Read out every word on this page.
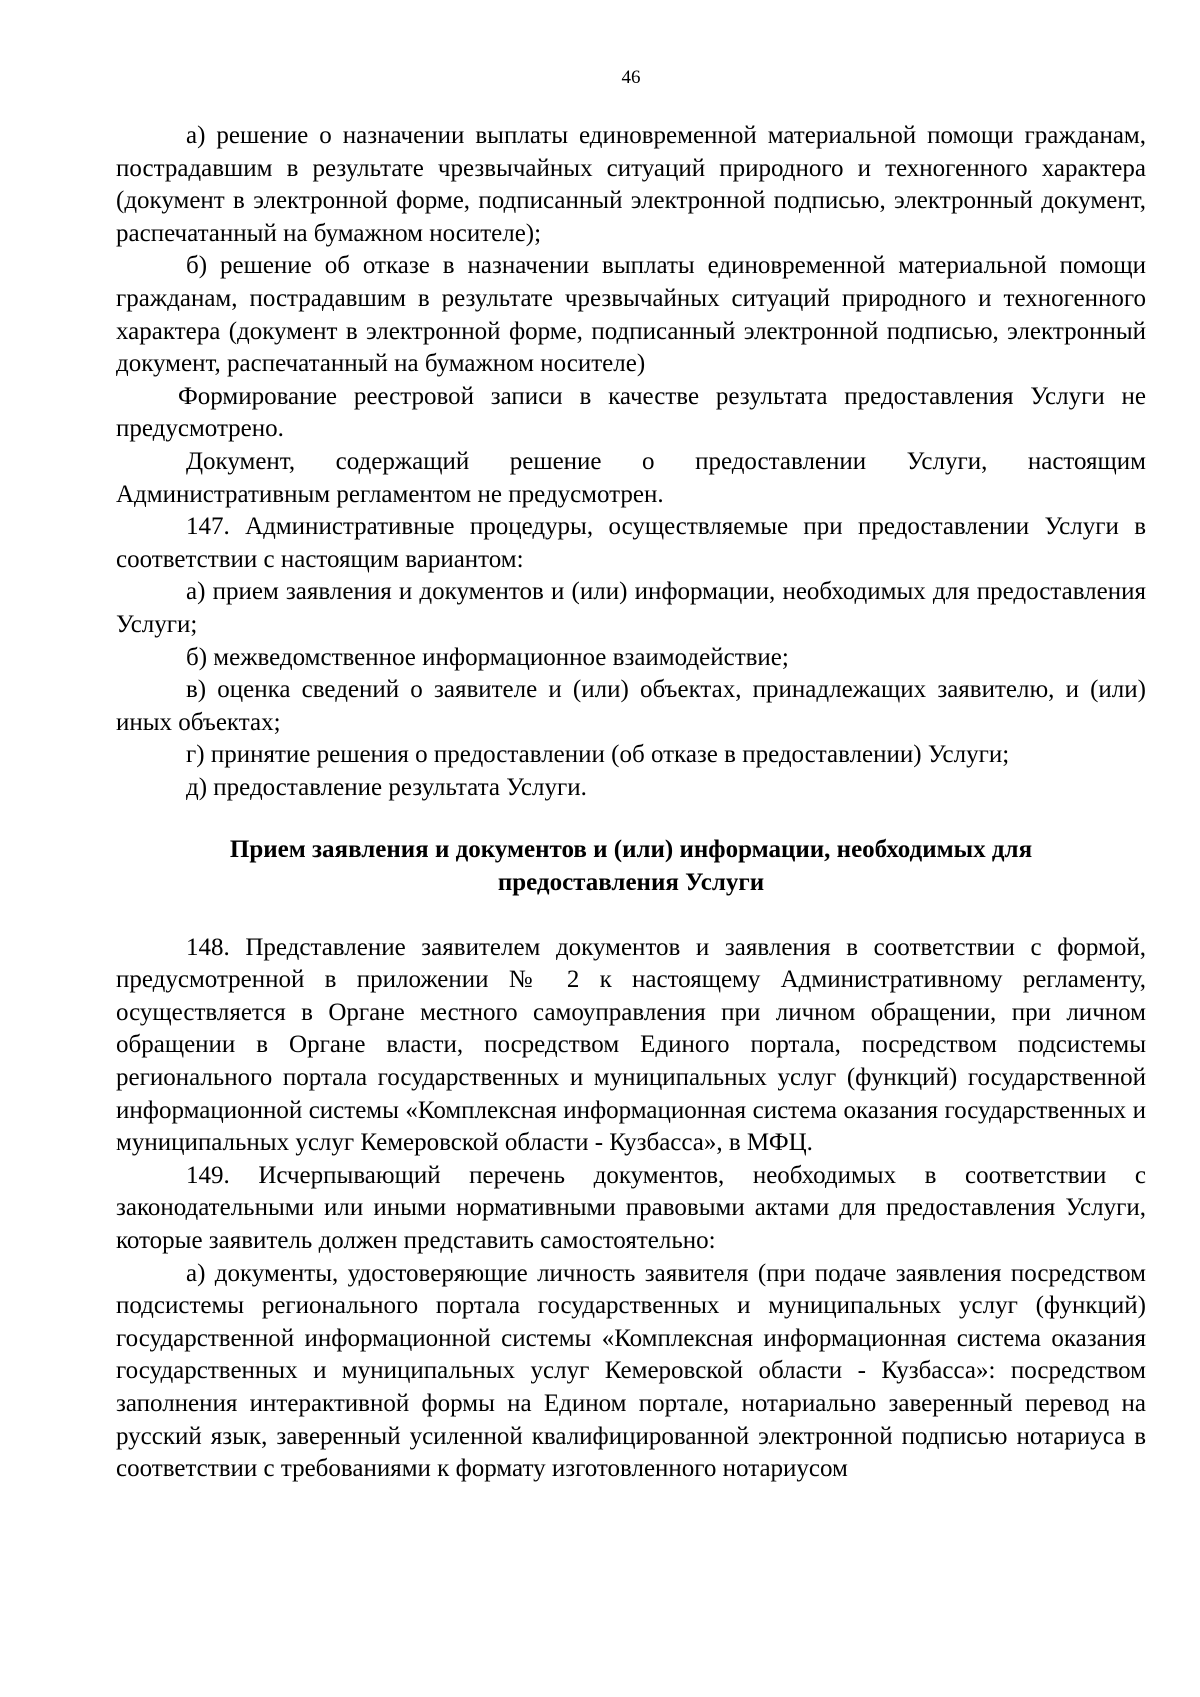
46

а) решение о назначении выплаты единовременной материальной помощи гражданам, пострадавшим в результате чрезвычайных ситуаций природного и техногенного характера (документ в электронной форме, подписанный электронной подписью, электронный документ, распечатанный на бумажном носителе);

б) решение об отказе в назначении выплаты единовременной материальной помощи гражданам, пострадавшим в результате чрезвычайных ситуаций природного и техногенного характера (документ в электронной форме, подписанный электронной подписью, электронный документ, распечатанный на бумажном носителе)

Формирование реестровой записи в качестве результата предоставления Услуги не предусмотрено.

Документ, содержащий решение о предоставлении Услуги, настоящим Административным регламентом не предусмотрен.

147. Административные процедуры, осуществляемые при предоставлении Услуги в соответствии с настоящим вариантом:

а) прием заявления и документов и (или) информации, необходимых для предоставления Услуги;

б) межведомственное информационное взаимодействие;

в) оценка сведений о заявителе и (или) объектах, принадлежащих заявителю, и (или) иных объектах;

г) принятие решения о предоставлении (об отказе в предоставлении) Услуги;

д) предоставление результата Услуги.

Прием заявления и документов и (или) информации, необходимых для
предоставления Услуги

148. Представление заявителем документов и заявления в соответствии с формой, предусмотренной в приложении № 2 к настоящему Административному регламенту, осуществляется в Органе местного самоуправления при личном обращении, при личном обращении в Органе власти, посредством Единого портала, посредством подсистемы регионального портала государственных и муниципальных услуг (функций) государственной информационной системы «Комплексная информационная система оказания государственных и муниципальных услуг Кемеровской области - Кузбасса», в МФЦ.

149. Исчерпывающий перечень документов, необходимых в соответствии с законодательными или иными нормативными правовыми актами для предоставления Услуги, которые заявитель должен представить самостоятельно:

а) документы, удостоверяющие личность заявителя (при подаче заявления посредством подсистемы регионального портала государственных и муниципальных услуг (функций) государственной информационной системы «Комплексная информационная система оказания государственных и муниципальных услуг Кемеровской области - Кузбасса»: посредством заполнения интерактивной формы на Едином портале, нотариально заверенный перевод на русский язык, заверенный усиленной квалифицированной электронной подписью нотариуса в соответствии с требованиями к формату изготовленного нотариусом
